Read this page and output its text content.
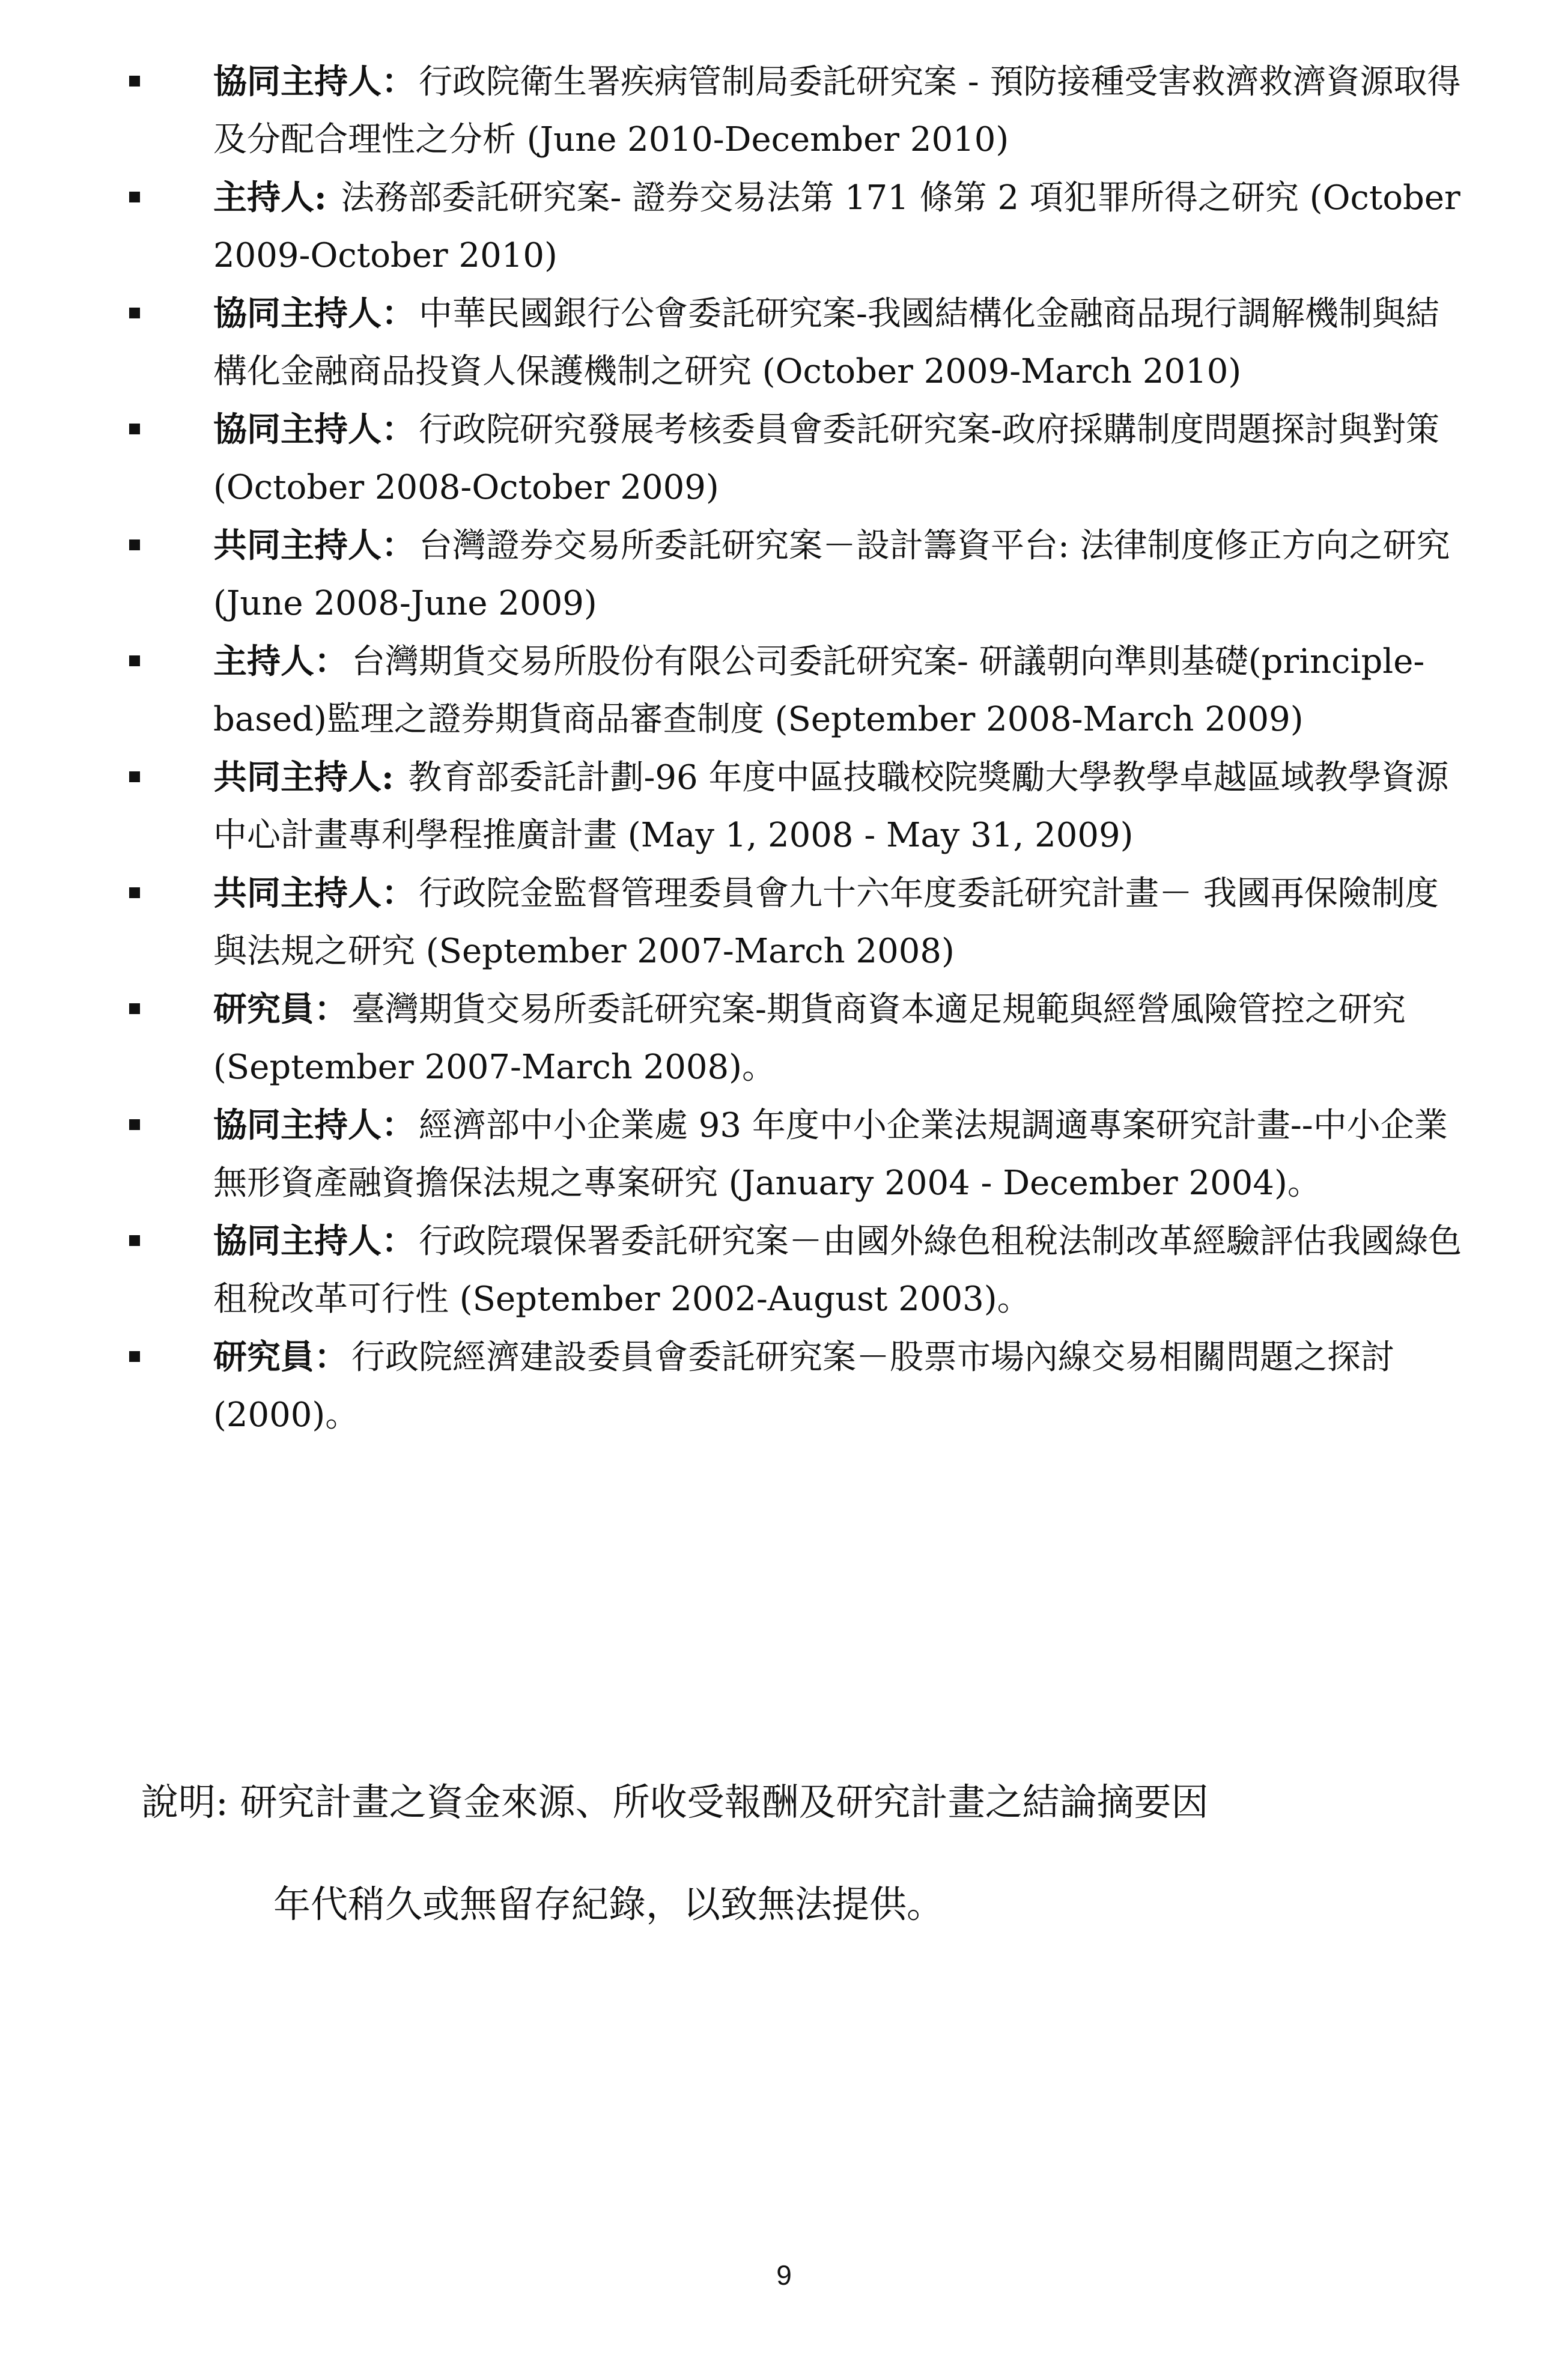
協同主持人： 行政院衛生署疾病管制局委託研究案 - 預防接種受害救濟救濟資源取得及分配合理性之分析 (June 2010-December 2010)
主持人: 法務部委託研究案- 證券交易法第 171 條第 2 項犯罪所得之研究 (October 2009-October 2010)
協同主持人： 中華民國銀行公會委託研究案-我國結構化金融商品現行調解機制與結構化金融商品投資人保護機制之研究 (October 2009-March 2010)
協同主持人： 行政院研究發展考核委員會委託研究案-政府採購制度問題探討與對策 (October 2008-October 2009)
共同主持人： 台灣證券交易所委託研究案－設計籌資平台: 法律制度修正方向之研究 (June 2008-June 2009)
主持人： 台灣期貨交易所股份有限公司委託研究案- 研議朝向準則基礎(principle-based)監理之證券期貨商品審查制度 (September 2008-March 2009)
共同主持人: 教育部委託計劃-96 年度中區技職校院獎勵大學教學卓越區域教學資源中心計畫專利學程推廣計畫 (May 1, 2008 - May 31, 2009)
共同主持人： 行政院金監督管理委員會九十六年度委託研究計畫－ 我國再保險制度與法規之研究 (September 2007-March 2008)
研究員： 臺灣期貨交易所委託研究案-期貨商資本適足規範與經營風險管控之研究 (September 2007-March 2008)。
協同主持人： 經濟部中小企業處 93 年度中小企業法規調適專案研究計畫--中小企業無形資產融資擔保法規之專案研究 (January 2004 - December 2004)。
協同主持人： 行政院環保署委託研究案－由國外綠色租稅法制改革經驗評估我國綠色租稅改革可行性 (September 2002-August 2003)。
研究員： 行政院經濟建設委員會委託研究案－股票市場內線交易相關問題之探討 (2000)。
說明: 研究計畫之資金來源、所收受報酬及研究計畫之結論摘要因
年代稍久或無留存紀錄，以致無法提供。
9
